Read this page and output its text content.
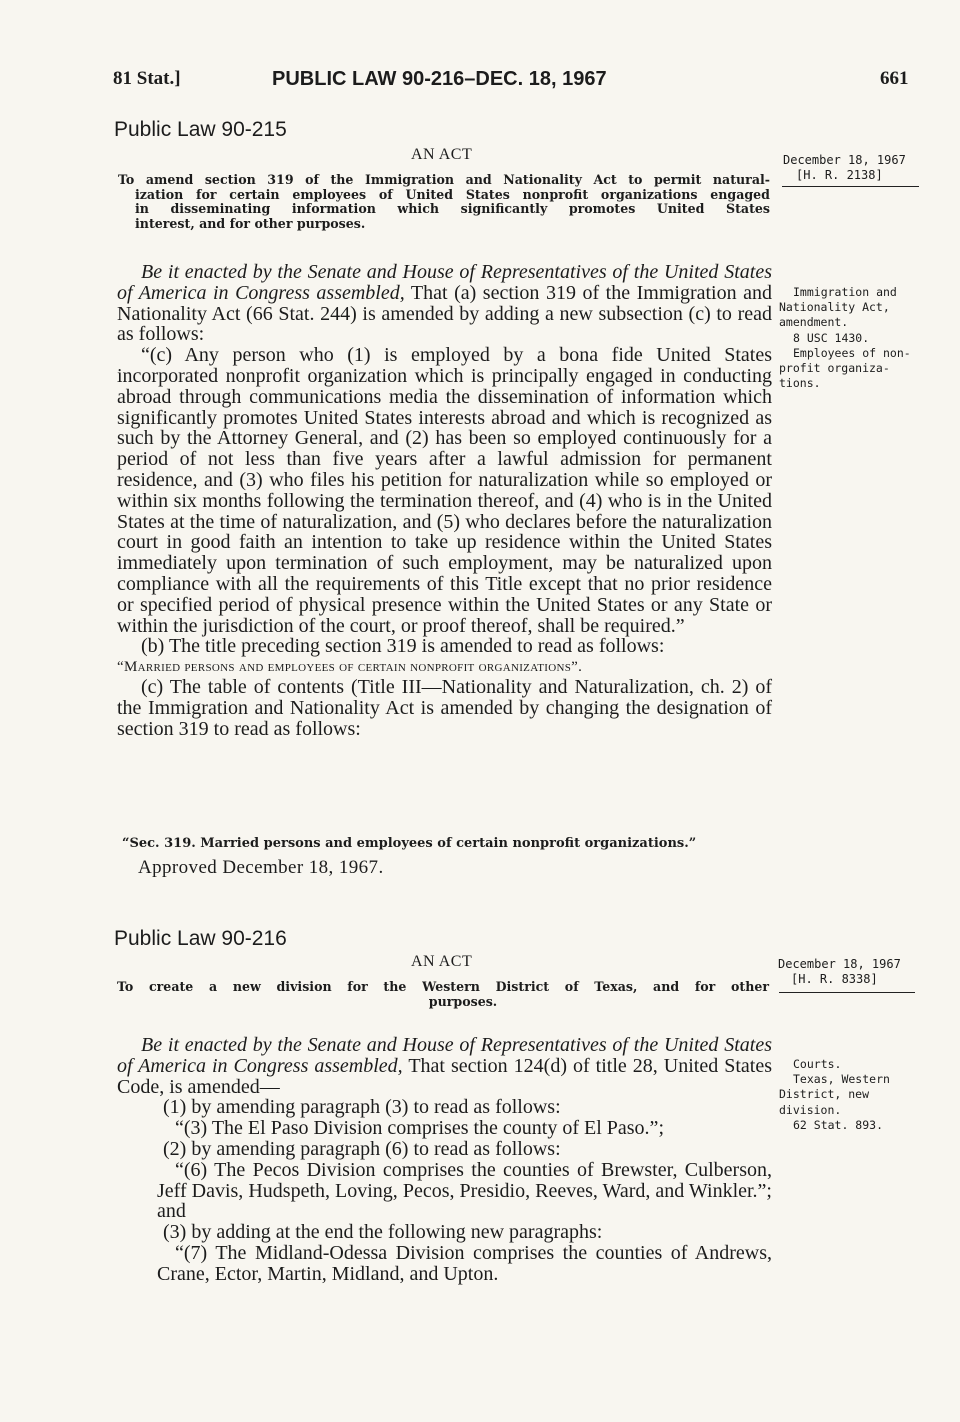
81 Stat.]	PUBLIC LAW 90-216–DEC. 18, 1967	661
Public Law 90-215
AN ACT	December 18, 1967
[H. R. 2138]
To amend section 319 of the Immigration and Nationality Act to permit natural-
ization for certain employees of United States nonprofit organizations engaged
in disseminating information which significantly promotes United States
interest, and for other purposes.

Be it enacted by the Senate and House of Representatives of the United States of America in Congress assembled, That (a) section 319 of the Immigration and Nationality Act (66 Stat. 244) is amended by adding a new subsection (c) to read as follows:

“(c) Any person who (1) is employed by a bona fide United States incorporated nonprofit organization which is principally engaged in conducting abroad through communications media the dissemination of information which significantly promotes United States interests abroad and which is recognized as such by the Attorney General, and (2) has been so employed continuously for a period of not less than five years after a lawful admission for permanent residence, and (3) who files his petition for naturalization while so employed or within six months following the termination thereof, and (4) who is in the United States at the time of naturalization, and (5) who declares before the naturalization court in good faith an intention to take up residence within the United States immediately upon termination of such employment, may be naturalized upon compliance with all the requirements of this Title except that no prior residence or specified period of physical presence within the United States or any State or within the jurisdiction of the court, or proof thereof, shall be required.”

(b) The title preceding section 319 is amended to read as follows:

“Married persons and employees of certain nonprofit organizations”.

(c) The table of contents (Title III—Nationality and Naturalization, ch. 2) of the Immigration and Nationality Act is amended by changing the designation of section 319 to read as follows:

“Sec. 319. Married persons and employees of certain nonprofit organizations.”
Approved December 18, 1967.
Immigration and
Nationality Act,
amendment.
8 USC 1430.
Employees of non-
profit organiza-
tions.
Public Law 90-216
AN ACT	December 18, 1967
[H. R. 8338]
To create a new division for the Western District of Texas, and for other
purposes.

Be it enacted by the Senate and House of Representatives of the United States of America in Congress assembled, That section 124(d) of title 28, United States Code, is amended—

(1) by amending paragraph (3) to read as follows:

“(3) The El Paso Division comprises the county of El Paso.”;

(2) by amending paragraph (6) to read as follows:

“(6) The Pecos Division comprises the counties of Brewster, Culberson, Jeff Davis, Hudspeth, Loving, Pecos, Presidio, Reeves, Ward, and Winkler.”; and

(3) by adding at the end the following new paragraphs:

“(7) The Midland-Odessa Division comprises the counties of Andrews, Crane, Ector, Martin, Midland, and Upton.

Courts.
Texas, Western
District, new
division.
62 Stat. 893.
